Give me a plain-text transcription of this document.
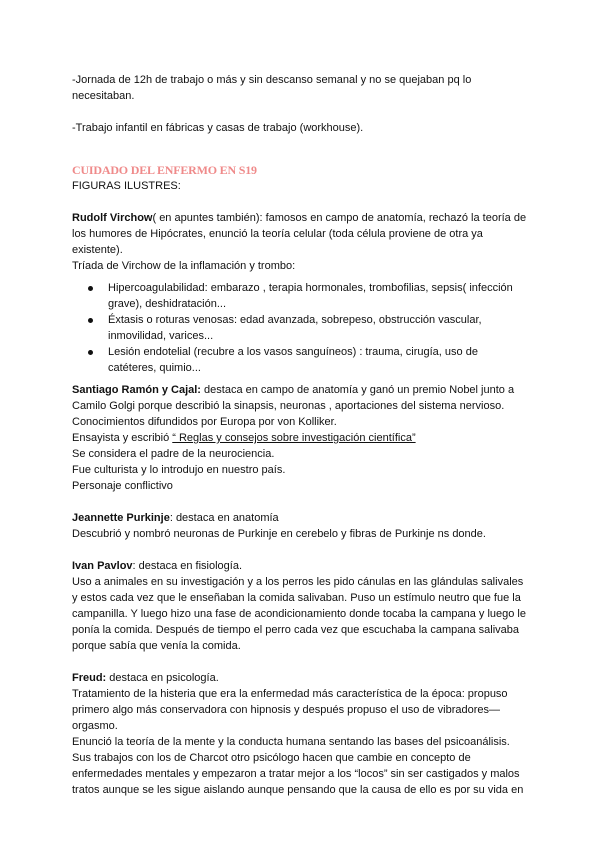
-Jornada de 12h de trabajo o más y sin descanso semanal y no se quejaban pq lo necesitaban.

-Trabajo infantil en fábricas y casas de trabajo (workhouse).

CUIDADO DEL ENFERMO EN S19

FIGURAS ILUSTRES:

Rudolf Virchow( en apuntes también): famosos en campo de anatomía, rechazó la teoría de los humores de Hipócrates, enunció la teoría celular (toda célula proviene de otra ya existente).

Tríada de Virchow de la inflamación y trombo:

Hipercoagulabilidad: embarazo , terapia hormonales, trombofilias, sepsis( infección grave), deshidratación...
Éxtasis o roturas venosas: edad avanzada, sobrepeso, obstrucción vascular, inmovilidad, varices...
Lesión endotelial (recubre a los vasos sanguíneos) : trauma, cirugía, uso de catéteres, quimio...

Santiago Ramón y Cajal: destaca en campo de anatomía y ganó un premio Nobel junto a Camilo Golgi porque describió la sinapsis, neuronas , aportaciones del sistema nervioso.

Conocimientos difundidos por Europa por von Kolliker.

Ensayista y escribió “ Reglas y consejos sobre investigación científica”

Se considera el padre de la neurociencia.

Fue culturista y lo introdujo en nuestro país.

Personaje conflictivo

Jeannette Purkinje: destaca en anatomía

Descubrió y nombró neuronas de Purkinje en cerebelo y fibras de Purkinje ns donde.

Ivan Pavlov: destaca en fisiología.

Uso a animales en su investigación y a los perros les pido cánulas en las glándulas salivales y estos cada vez que le enseñaban la comida salivaban. Puso un estímulo neutro que fue la campanilla. Y luego hizo una fase de acondicionamiento donde tocaba la campana y luego le ponía la comida. Después de tiempo el perro cada vez que escuchaba la campana salivaba porque sabía que venía la comida.

Freud: destaca en psicología.

Tratamiento de la histeria que era la enfermedad más característica de la época: propuso primero algo más conservadora con hipnosis y después propuso el uso de vibradores— orgasmo.

Enunció la teoría de la mente y la conducta humana sentando las bases del psicoanálisis.

Sus trabajos con los de Charcot otro psicólogo hacen que cambie en concepto de enfermedades mentales y empezaron a tratar mejor a los “locos” sin ser castigados y malos tratos aunque se les sigue aislando aunque pensando que la causa de ello es por su vida en
